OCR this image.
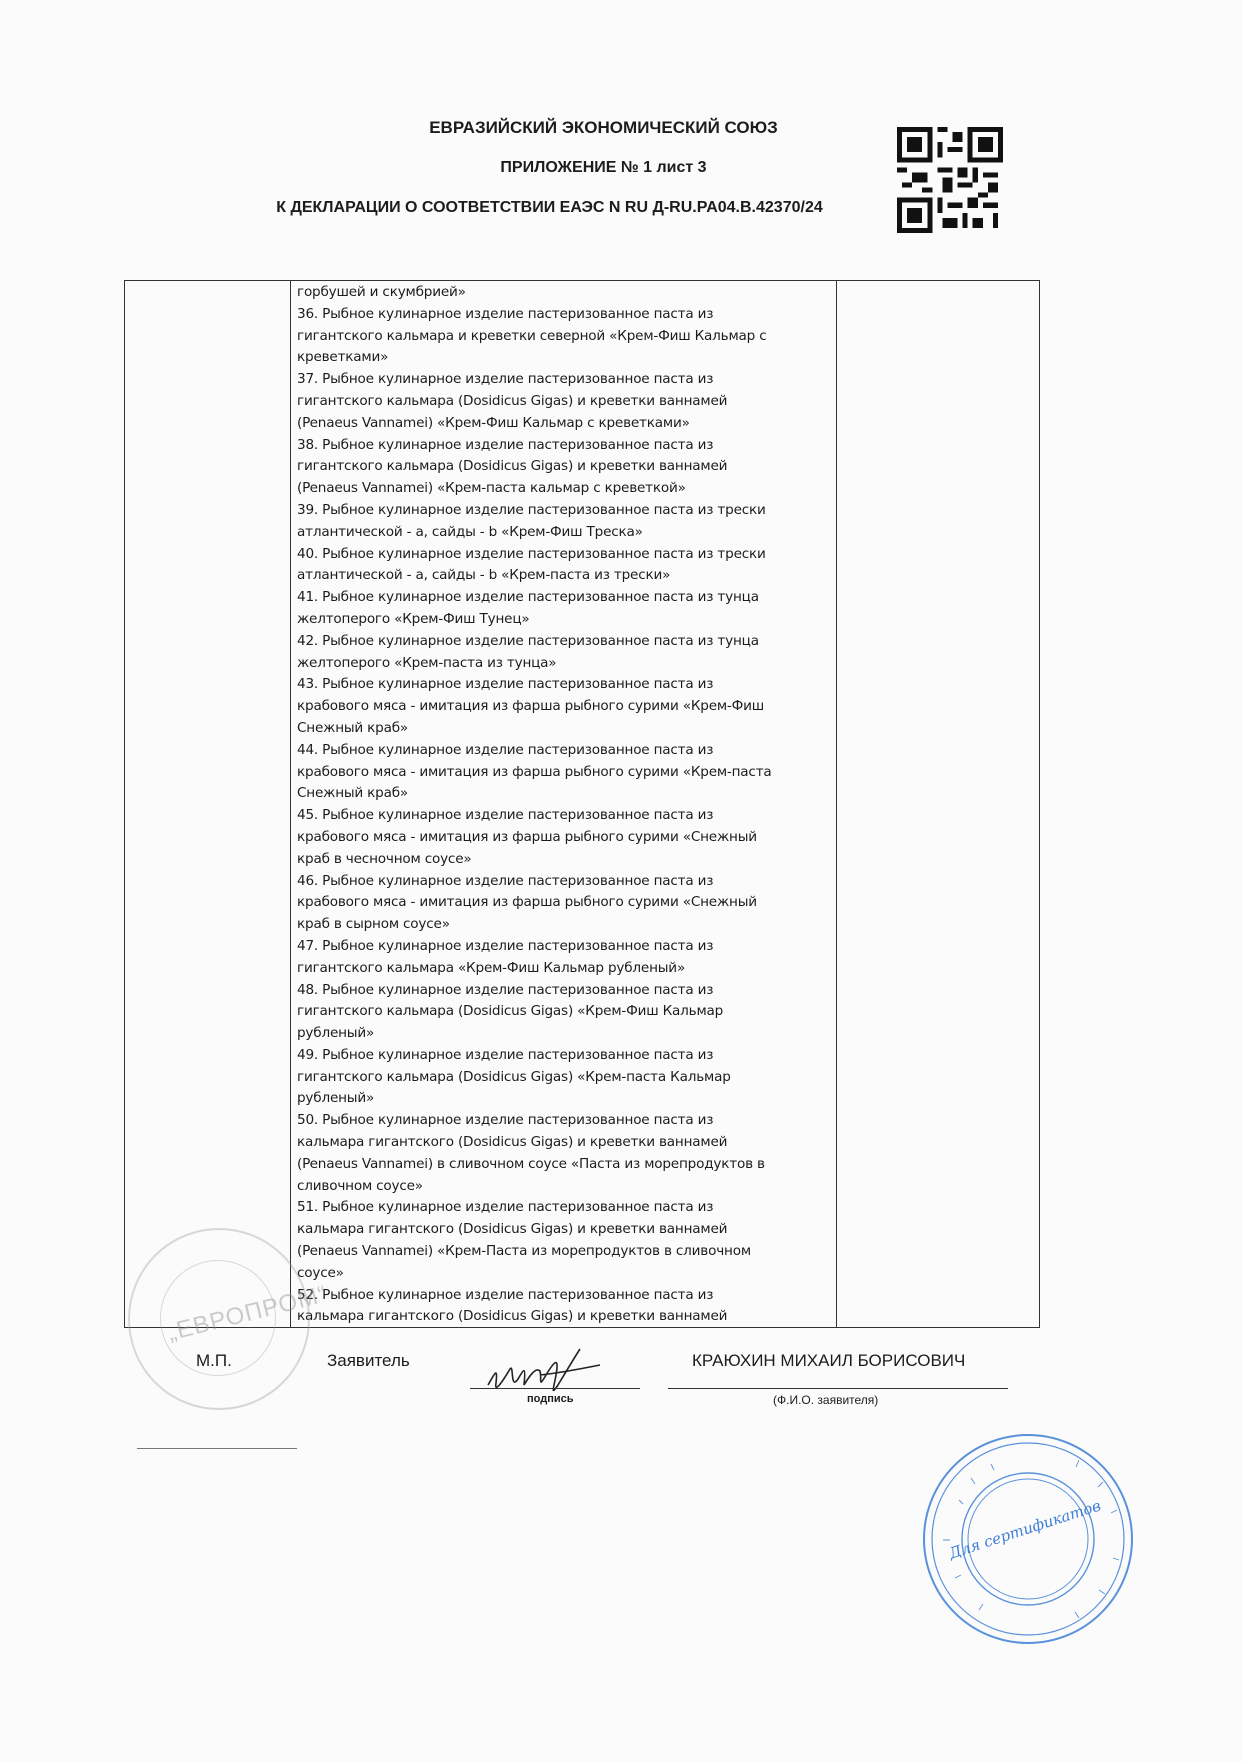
ЕВРАЗИЙСКИЙ ЭКОНОМИЧЕСКИЙ СОЮЗ
ПРИЛОЖЕНИЕ № 1 лист 3
К ДЕКЛАРАЦИИ О СООТВЕТСТВИИ ЕАЭС N RU Д-RU.PA04.B.42370/24
горбушей и скумбрией»
36. Рыбное кулинарное изделие пастеризованное паста из
гигантского кальмара и креветки северной «Крем-Фиш Кальмар с
креветками»
37. Рыбное кулинарное изделие пастеризованное паста из
гигантского кальмара (Dosidicus Gigas) и креветки ваннамей
(Penaeus Vannamei) «Крем-Фиш Кальмар с креветками»
38. Рыбное кулинарное изделие пастеризованное паста из
гигантского кальмара (Dosidicus Gigas) и креветки ваннамей
(Penaeus Vannamei) «Крем-паста кальмар с креветкой»
39. Рыбное кулинарное изделие пастеризованное паста из трески
атлантической - a, сайды - b «Крем-Фиш Треска»
40. Рыбное кулинарное изделие пастеризованное паста из трески
атлантической - a, сайды - b «Крем-паста из трески»
41. Рыбное кулинарное изделие пастеризованное паста из тунца
желтоперого «Крем-Фиш Тунец»
42. Рыбное кулинарное изделие пастеризованное паста из тунца
желтоперого «Крем-паста из тунца»
43. Рыбное кулинарное изделие пастеризованное паста из
крабового мяса - имитация из фарша рыбного сурими «Крем-Фиш
Снежный краб»
44. Рыбное кулинарное изделие пастеризованное паста из
крабового мяса - имитация из фарша рыбного сурими «Крем-паста
Снежный краб»
45. Рыбное кулинарное изделие пастеризованное паста из
крабового мяса - имитация из фарша рыбного сурими «Снежный
краб в чесночном соусе»
46. Рыбное кулинарное изделие пастеризованное паста из
крабового мяса - имитация из фарша рыбного сурими «Снежный
краб в сырном соусе»
47. Рыбное кулинарное изделие пастеризованное паста из
гигантского кальмара «Крем-Фиш Кальмар рубленый»
48. Рыбное кулинарное изделие пастеризованное паста из
гигантского кальмара (Dosidicus Gigas) «Крем-Фиш Кальмар
рубленый»
49. Рыбное кулинарное изделие пастеризованное паста из
гигантского кальмара (Dosidicus Gigas) «Крем-паста Кальмар
рубленый»
50. Рыбное кулинарное изделие пастеризованное паста из
кальмара гигантского (Dosidicus Gigas) и креветки ваннамей
(Penaeus Vannamei) в сливочном соусе «Паста из морепродуктов в
сливочном соусе»
51. Рыбное кулинарное изделие пастеризованное паста из
кальмара гигантского (Dosidicus Gigas) и креветки ваннамей
(Penaeus Vannamei) «Крем-Паста из морепродуктов в сливочном
соусе»
52. Рыбное кулинарное изделие пастеризованное паста из
кальмара гигантского (Dosidicus Gigas) и креветки ваннамей
„ЕВРОПРОМ“
М.П.	Заявитель
подпись
КРАЮХИН МИХАИЛ БОРИСОВИЧ
(Ф.И.О. заявителя)
Для сертификатов
